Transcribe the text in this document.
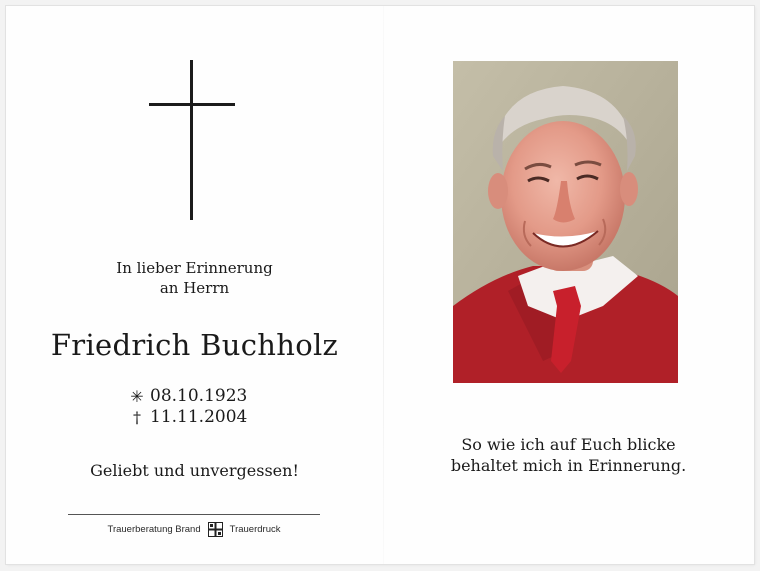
In lieber Erinnerung
an Herrn
Friedrich Buchholz
✳ 08.10.1923
† 11.11.2004
Geliebt und unvergessen!
Trauerberatung Brand	Trauerdruck
So wie ich auf Euch blicke
behaltet mich in Erinnerung.
